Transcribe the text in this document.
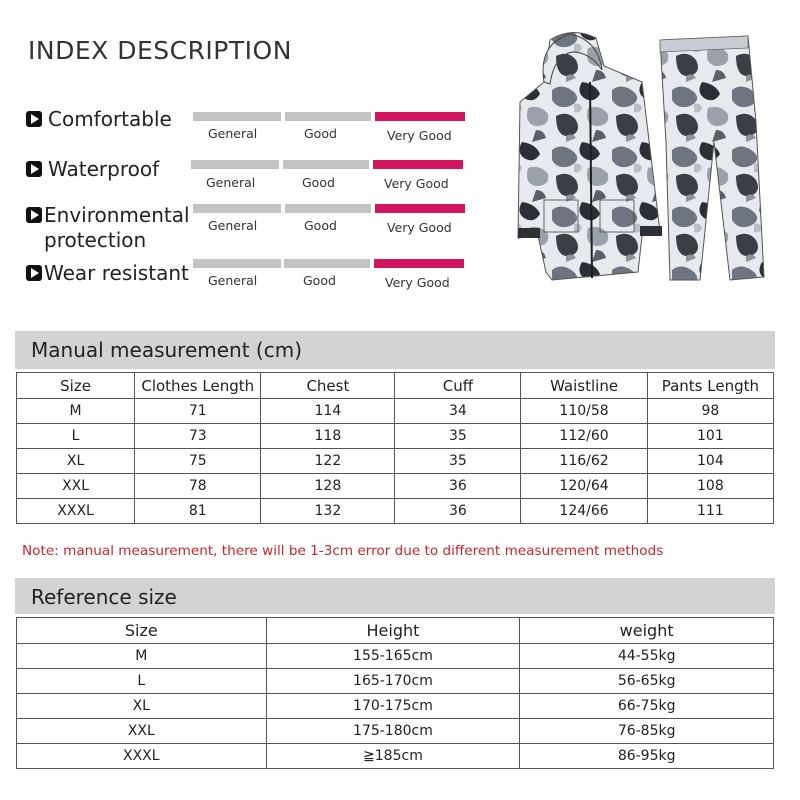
INDEX DESCRIPTION
Comfortable
Waterproof
Environmental
protection
Wear resistant
General	Good	Very Good
General	Good	Very Good
General	Good	Very Good
General	Good	Very Good
Manual measurement (cm)
Size	Clothes Length	Chest	Cuff	Waistline	Pants Length
M	71	114	34	110/58	98
L	73	118	35	112/60	101
XL	75	122	35	116/62	104
XXL	78	128	36	120/64	108
XXXL	81	132	36	124/66	111
Note: manual measurement, there will be 1-3cm error due to different measurement methods
Reference size
Size	Height	weight
M	155-165cm	44-55kg
L	165-170cm	56-65kg
XL	170-175cm	66-75kg
XXL	175-180cm	76-85kg
XXXL	≧185cm	86-95kg
